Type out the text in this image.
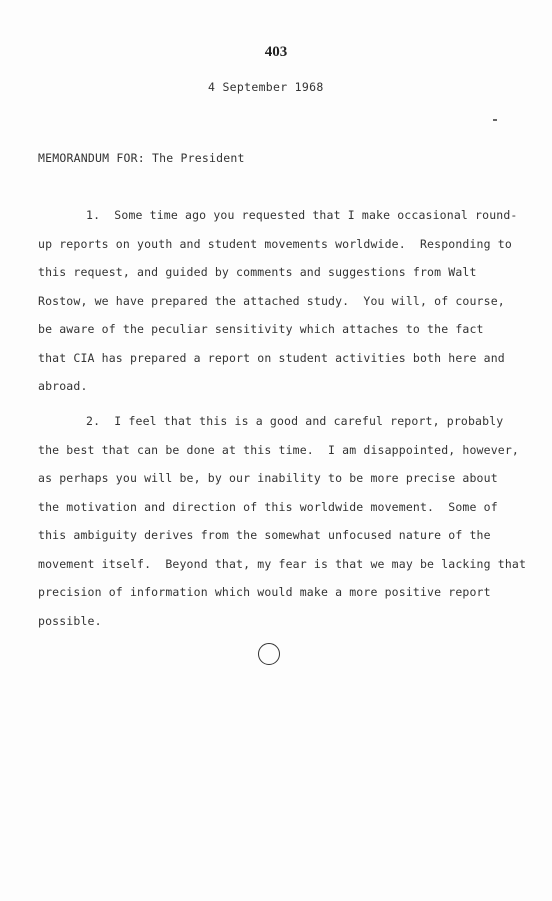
403
4 September 1968
MEMORANDUM FOR: The President
1.  Some time ago you requested that I make occasional round-
up reports on youth and student movements worldwide.  Responding to
this request, and guided by comments and suggestions from Walt
Rostow, we have prepared the attached study.  You will, of course,
be aware of the peculiar sensitivity which attaches to the fact
that CIA has prepared a report on student activities both here and
abroad.
2.  I feel that this is a good and careful report, probably
the best that can be done at this time.  I am disappointed, however,
as perhaps you will be, by our inability to be more precise about
the motivation and direction of this worldwide movement.  Some of
this ambiguity derives from the somewhat unfocused nature of the
movement itself.  Beyond that, my fear is that we may be lacking that
precision of information which would make a more positive report
possible.
